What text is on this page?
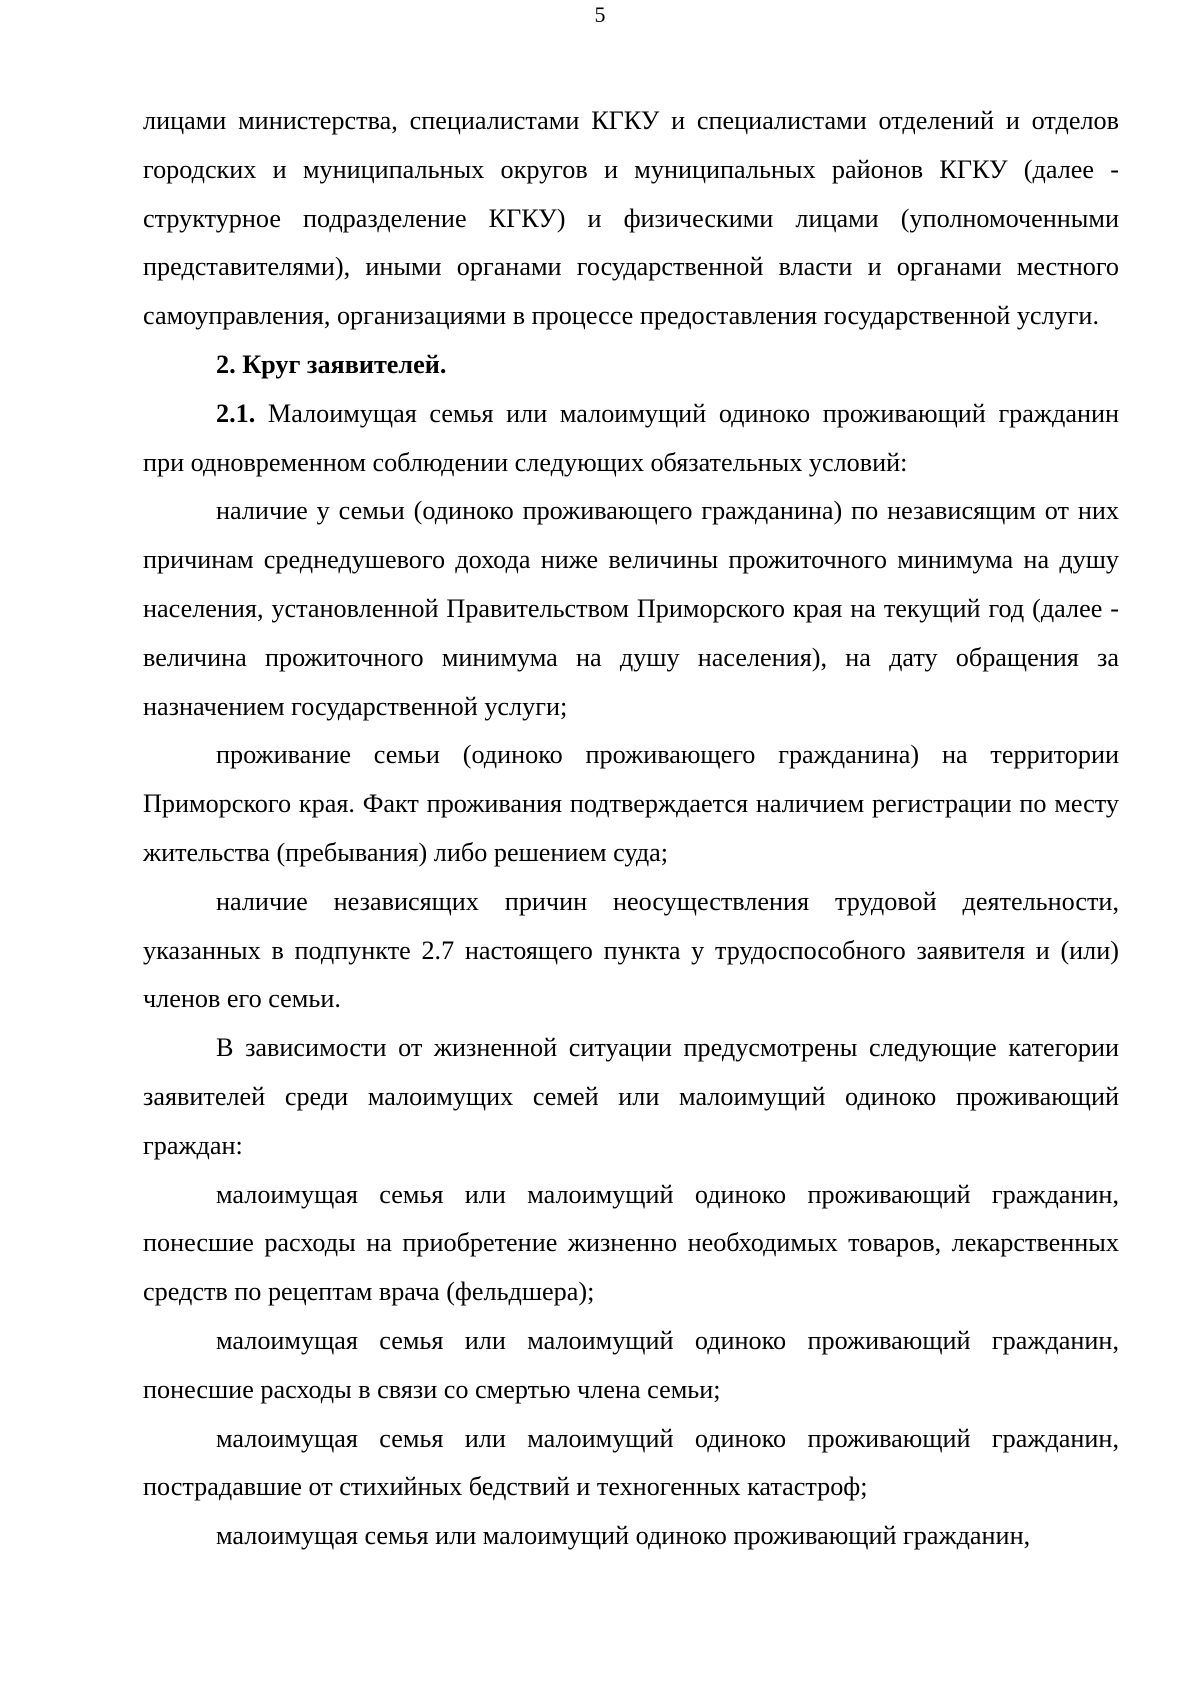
5

лицами министерства, специалистами КГКУ и специалистами отделений и отделов городских и муниципальных округов и муниципальных районов КГКУ (далее - структурное подразделение КГКУ) и физическими лицами (уполномоченными представителями), иными органами государственной власти и органами местного самоуправления, организациями в процессе предоставления государственной услуги.

2. Круг заявителей.

2.1. Малоимущая семья или малоимущий одиноко проживающий гражданин при одновременном соблюдении следующих обязательных условий:

наличие у семьи (одиноко проживающего гражданина) по независящим от них причинам среднедушевого дохода ниже величины прожиточного минимума на душу населения, установленной Правительством Приморского края на текущий год (далее - величина прожиточного минимума на душу населения), на дату обращения за назначением государственной услуги;

проживание семьи (одиноко проживающего гражданина) на территории Приморского края. Факт проживания подтверждается наличием регистрации по месту жительства (пребывания) либо решением суда;

наличие независящих причин неосуществления трудовой деятельности, указанных в подпункте 2.7 настоящего пункта у трудоспособного заявителя и (или) членов его семьи.

В зависимости от жизненной ситуации предусмотрены следующие категории заявителей среди малоимущих семей или малоимущий одиноко проживающий граждан:

малоимущая семья или малоимущий одиноко проживающий гражданин, понесшие расходы на приобретение жизненно необходимых товаров, лекарственных средств по рецептам врача (фельдшера);

малоимущая семья или малоимущий одиноко проживающий гражданин, понесшие расходы в связи со смертью члена семьи;

малоимущая семья или малоимущий одиноко проживающий гражданин, пострадавшие от стихийных бедствий и техногенных катастроф;

малоимущая семья или малоимущий одиноко проживающий гражданин,
